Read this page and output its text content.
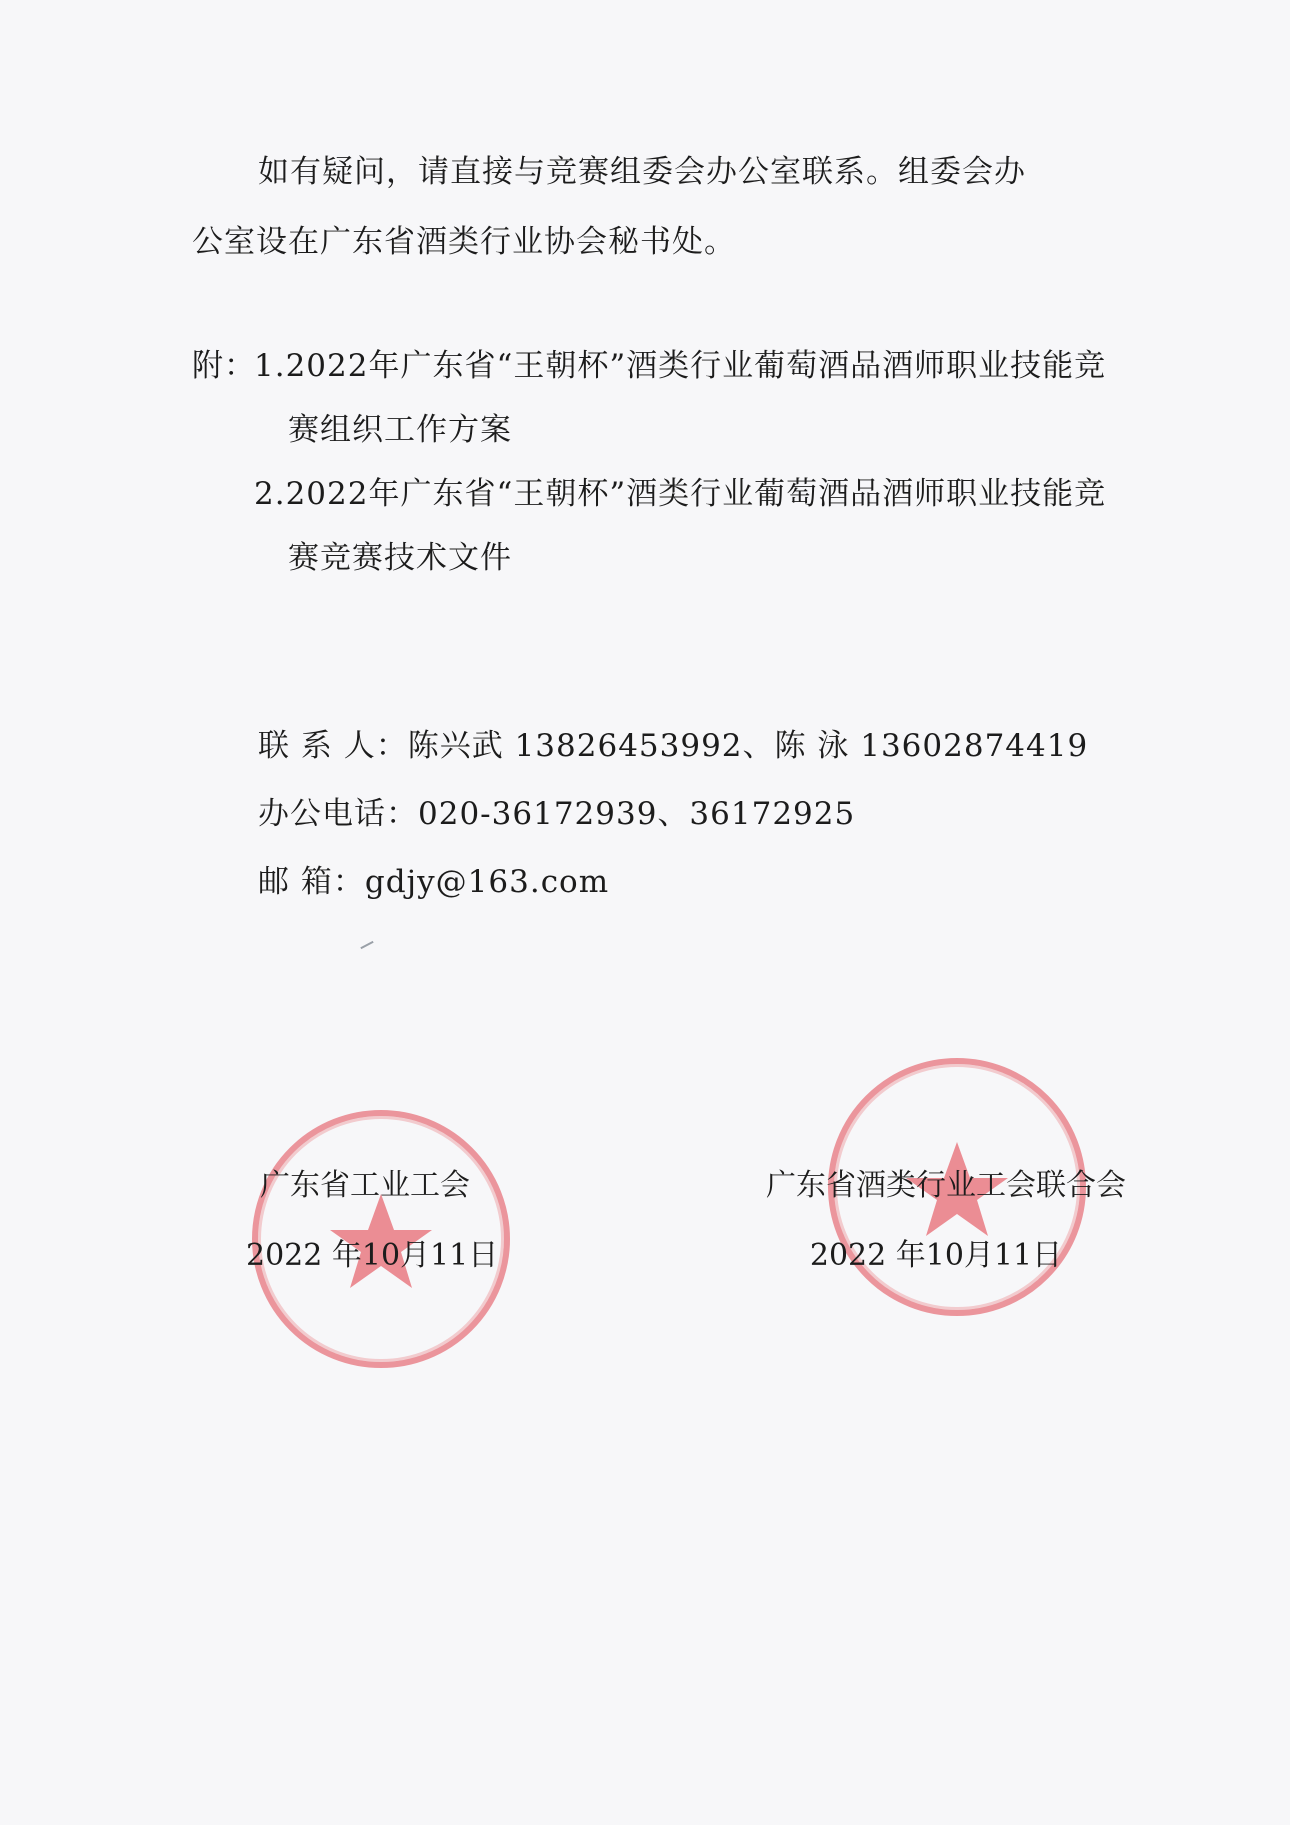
如有疑问，请直接与竞赛组委会办公室联系。组委会办
公室设在广东省酒类行业协会秘书处。
附：
1.2022年广东省“王朝杯”酒类行业葡萄酒品酒师职业技能竞
赛组织工作方案
2.2022年广东省“王朝杯”酒类行业葡萄酒品酒师职业技能竞
赛竞赛技术文件
联 系 人：陈兴武 13826453992、陈 泳 13602874419
办公电话：020-36172939、36172925
邮 箱：gdjy@163.com
广东省工业工会
2022 年10月11日
广东省酒类行业工会联合会
2022 年10月11日
